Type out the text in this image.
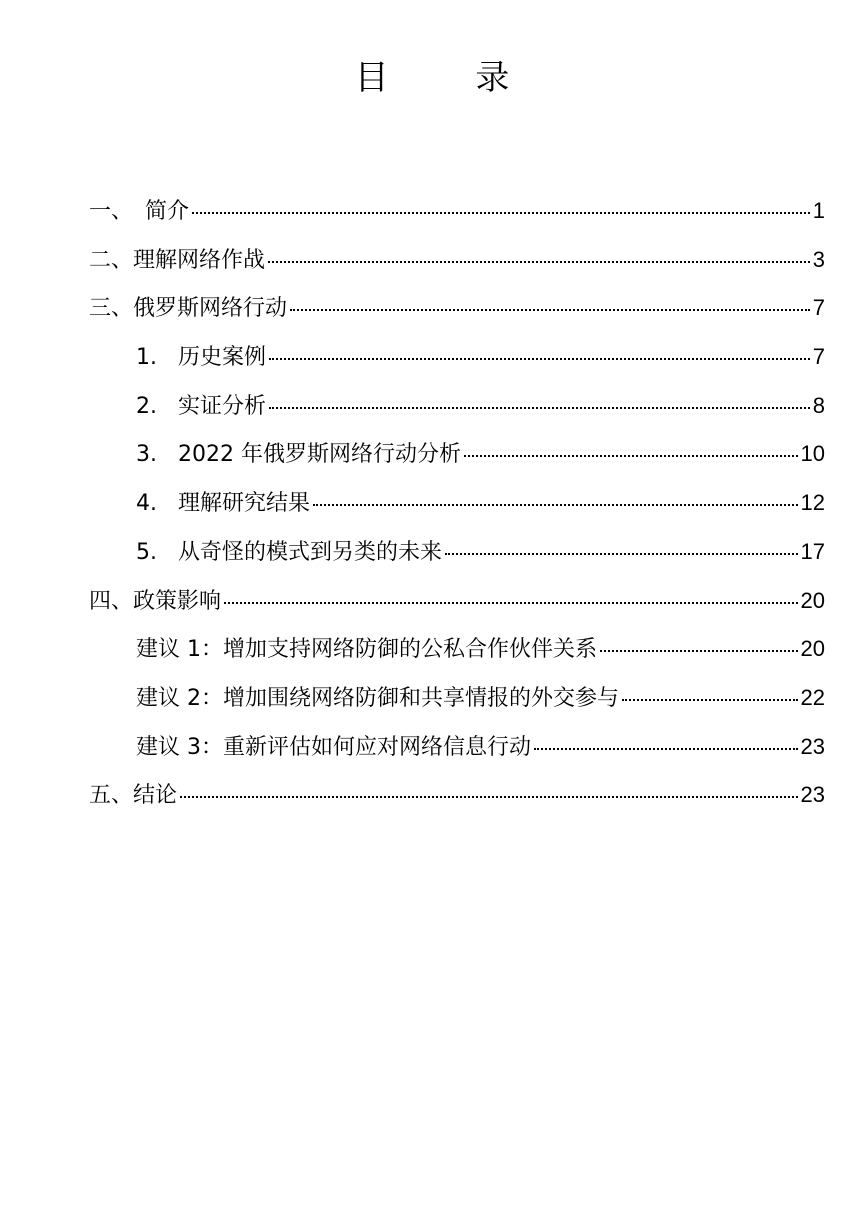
目 录
一、 简介	1
二、 理解网络作战	3
三、 俄罗斯网络行动	7
1. 历史案例	7
2. 实证分析	8
3. 2022 年俄罗斯网络行动分析	10
4. 理解研究结果	12
5. 从奇怪的模式到另类的未来	17
四、 政策影响	20
建议 1： 增加支持网络防御的公私合作伙伴关系	20
建议 2： 增加围绕网络防御和共享情报的外交参与	22
建议 3： 重新评估如何应对网络信息行动	23
五、 结论	23
